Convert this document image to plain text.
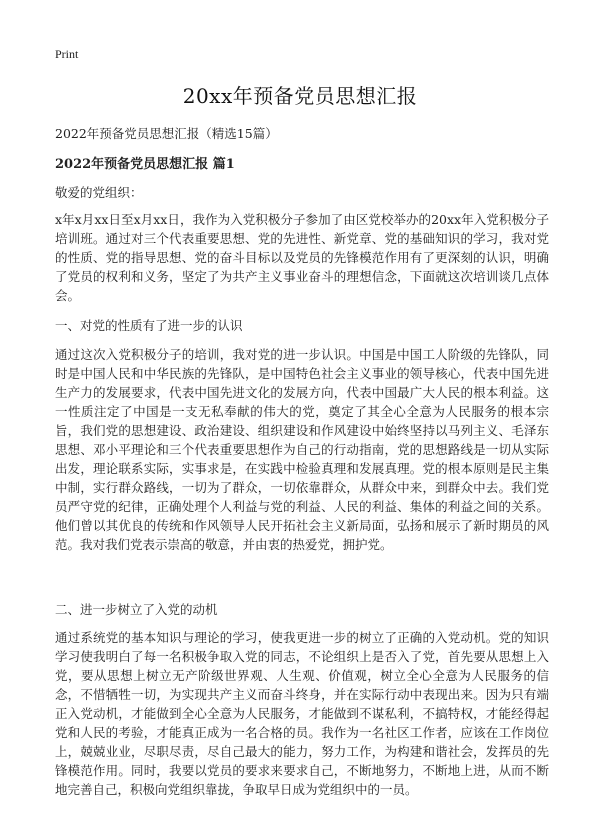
Print
20xx年预备党员思想汇报
2022年预备党员思想汇报（精选15篇）
2022年预备党员思想汇报 篇1
敬爱的党组织：

x年x月xx日至x月xx日，我作为入党积极分子参加了由区党校举办的20xx年入党积极分子培训班。通过对三个代表重要思想、党的先进性、新党章、党的基础知识的学习，我对党的性质、党的指导思想、党的奋斗目标以及党员的先锋模范作用有了更深刻的认识，明确了党员的权利和义务，坚定了为共产主义事业奋斗的理想信念，下面就这次培训谈几点体会。

一、对党的性质有了进一步的认识

通过这次入党积极分子的培训，我对党的进一步认识。中国是中国工人阶级的先锋队，同时是中国人民和中华民族的先锋队，是中国特色社会主义事业的领导核心，代表中国先进生产力的发展要求，代表中国先进文化的发展方向，代表中国最广大人民的根本利益。这一性质注定了中国是一支无私奉献的伟大的党，奠定了其全心全意为人民服务的根本宗旨，我们党的思想建设、政治建设、组织建设和作风建设中始终坚持以马列主义、毛泽东思想、邓小平理论和三个代表重要思想作为自己的行动指南，党的思想路线是一切从实际出发，理论联系实际，实事求是，在实践中检验真理和发展真理。党的根本原则是民主集中制，实行群众路线，一切为了群众，一切依靠群众，从群众中来，到群众中去。我们党员严守党的纪律，正确处理个人利益与党的利益、人民的利益、集体的利益之间的关系。他们曾以其优良的传统和作风领导人民开拓社会主义新局面，弘扬和展示了新时期员的风范。我对我们党表示崇高的敬意，并由衷的热爱党，拥护党。

二、进一步树立了入党的动机

通过系统党的基本知识与理论的学习，使我更进一步的树立了正确的入党动机。党的知识学习使我明白了每一名积极争取入党的同志，不论组织上是否入了党，首先要从思想上入党，要从思想上树立无产阶级世界观、人生观、价值观，树立全心全意为人民服务的信念，不惜牺牲一切，为实现共产主义而奋斗终身，并在实际行动中表现出来。因为只有端正入党动机，才能做到全心全意为人民服务，才能做到不谋私利，不搞特权，才能经得起党和人民的考验，才能真正成为一名合格的员。我作为一名社区工作者，应该在工作岗位上，兢兢业业，尽职尽责，尽自己最大的能力，努力工作，为构建和谐社会，发挥员的先锋模范作用。同时，我要以党员的要求来要求自己，不断地努力，不断地上进，从而不断地完善自己，积极向党组织靠拢，争取早日成为党组织中的一员。
